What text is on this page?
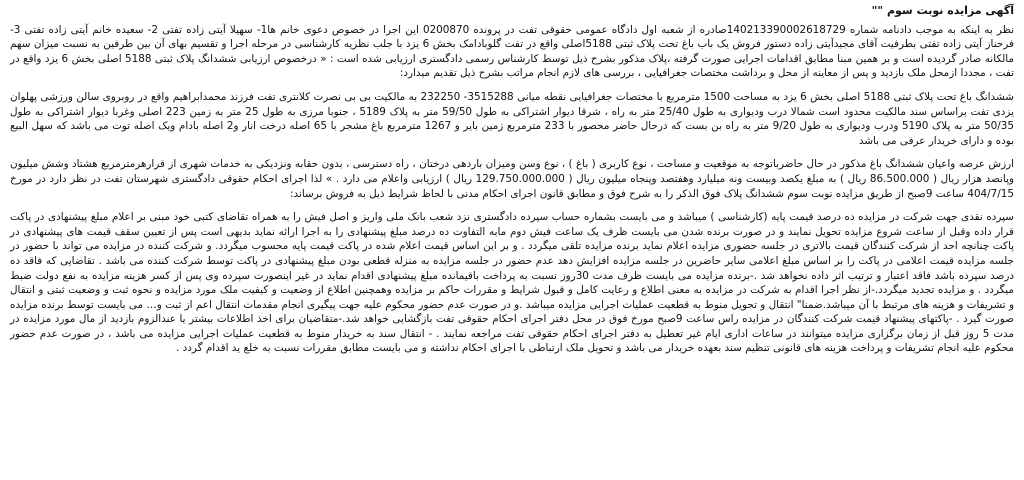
آگهی مزایده نوبت سوم ""

نظر به اینکه به موجب دادنامه شماره 140213390002618729صادره از شعبه اول دادگاه عمومی حقوقی تفت در پرونده 0200870 این اجرا در خصوص دعوی خانم ها1- سهیلا آیتی زاده تفتی 2- سعیده خانم آیتی زاده تفتی 3-فرحناز آیتی زاده تفتی بطرفیت آقای مجیدآیتی زاده دستور فروش یک باب باغ تحت پلاک ثبتی 5188اصلی واقع در تفت گلوبادامک بخش 6 یزد با جلب نظریه کارشناسی در مرحله اجرا و تقسیم بهای آن بین طرفین به نسبت میزان سهم مالکانه صادر گردیده است و بر همین مبنا مطابق اقدامات اجرایی صورت گرفته ،پلاک مذکور بشرح ذیل توسط کارشناس رسمی دادگستری ارزیابی شده است : « درخصوص ارزیابی ششدانگ پلاک ثبتی 5188 اصلی بخش 6 یزد واقع در تفت ، مجددا ازمحل ملک بازدید و پس از معاینه از محل و برداشت مختصات جغرافیایی ، بررسی های لازم انجام مراتب بشرح ذیل تقدیم میدارد:

ششدانگ باغ تحت پلاک ثبتی 5188 اصلی بخش 6 یزد به مساحت 1500 مترمربع با مختصات جغرافیایی نقطه میانی 3515288- 232250 به مالکیت بی بی نصرت کلانتری تفت فرزند محمدابراهیم واقع در روبروی سالن ورزشی پهلوان یزدی تفت براساس سند مالکیت محدود است شمالا درب وديواری به طول 25/40 متر به راه ، شرقا دیوار اشتراکی به طول 59/50 متر به پلاک 5189 ، جنوبا مرزی به طول 25 متر به زمین 223 اصلی وغربا دیوار اشتراکی به طول 50/35 متر به پلاک 5190 ودرب وديواری به طول 9/20 متر به راه بن بست که درحال حاضر محصور با 233 مترمربع زمین بایر و 1267 مترمربع باغ مشجر با 65 اصله درخت انار و2 اصله بادام ویک اصله توت می باشد که سهل البیع بوده و دارای خریدار عرفی می باشد

ارزش عرصه واعیان ششدانگ باغ مذکور در حال حاضرباتوجه به موقعیت و مساحت ، نوع کاربری ( باغ ) ، نوع وسن ومیزان باردهی درختان ، راه دسترسی ، بدون حقابه ونزدیکی به خدمات شهری از قرارهرمترمربع هشتاد وشش میلیون وپانصد هزار ریال ( 86.500.000 ریال ) به مبلغ یکصد وبیست ونه میلیارد وهفتصد وپنجاه میلیون ریال ( 129.750.000.000 ریال ) ارزیابی واعلام می دارد . » لذا اجرای احکام حقوقی دادگستری شهرستان تفت در نظر دارد در مورخ 404/7/15 ساعت 9صبح از طریق مزایده نوبت سوم ششدانگ پلاک فوق الذکر را به شرح فوق و مطابق قانون اجرای احکام مدنی با لحاظ شرایط ذیل به فروش برساند:

سپرده نقدی جهت شرکت در مزایده ده درصد قیمت پایه (کارشناسی ) میباشد و می بایست بشماره حساب سپرده دادگستری نزد شعب بانک ملی واریز و اصل فیش را به همراه تقاضای کتبی خود مبنی بر اعلام مبلغ پیشنهادی در پاکت قرار داده وقبل از ساعت شروع مزایده تحویل نمایند و در صورت برنده شدن می بایست ظرف یک ساعت فیش دوم مابه التفاوت ده درصد مبلغ پیشنهادی را به اجرا ارائه نماید بدیهی است پس از تعیین سقف قیمت های پیشنهادی در پاکت چنانچه احد از شرکت کنندگان قیمت بالاتری در جلسه حضوری مزایده اعلام نماید برنده مزایده تلقی میگردد . و بر این اساس قیمت اعلام شده در پاکت قیمت پایه محسوب میگردد. و شرکت کننده در مزایده می تواند با حضور در جلسه مزایده قیمت اعلامی در پاکت را بر اساس مبلغ اعلامی سایر حاضرین در جلسه مزایده افزایش دهد عدم حضور در جلسه مزایده به منزله قطعی بودن مبلغ پیشنهادی در پاکت توسط شرکت کننده می باشد . تقاضایی که فاقد ده درصد سپرده باشد فاقد اعتبار و ترتیب اثر داده نخواهد شد .-برنده مزایده می بایست ظرف مدت 30روز نسبت به پرداخت باقیمانده مبلغ پیشنهادی اقدام نماید در غیر اینصورت سپرده وی پس از کسر هزینه مزایده به نفع دولت ضبط میگردد . و مزایده تجدید میگردد.-از نظر اجرا اقدام به شرکت در مزایده به معنی اطلاع و رعایت کامل و قبول شرایط و مقررات حاکم بر مزایده وهمچنین اطلاع از وضعیت و کیفیت ملک مورد مزایده و نحوه ثبت و وضعیت ثبتی و انتقال و تشریفات و هزینه های مرتبط با آن میباشد.ضمنا" انتقال و تحویل منوط به قطعیت عملیات اجرایی مزایده میباشد .و در صورت عدم حضور محکوم علیه جهت پیگیری انجام مقدمات انتقال اعم از ثبت و… می بایست توسط برنده مزایده صورت گیرد . -پاکتهای پیشنهاد قیمت شرکت کنندگان در مزایده راس ساعت 9صبح مورخ فوق در محل دفتر اجرای احکام حقوقی تفت بازگشایی خواهد شد.-متقاضیان برای اخذ اطلاعات بیشتر یا عندالزوم بازدید از مال مورد مزایده در مدت 5 روز قبل از زمان برگزاری مزایده میتوانند در ساعات اداری ایام غیر تعطیل به دفتر اجرای احکام حقوقی تفت مراجعه نمایند . - انتقال سند به خریدار منوط به قطعیت عملیات اجرایی مزایده می باشد ، در صورت عدم حضور محکوم علیه انجام تشریفات و پرداخت هزینه های قانونی تنظیم سند بعهده خریدار می باشد و تحویل ملک ارتباطی با اجرای احکام نداشته و می بایست مطابق مقررات نسبت به خلع ید اقدام گردد .
